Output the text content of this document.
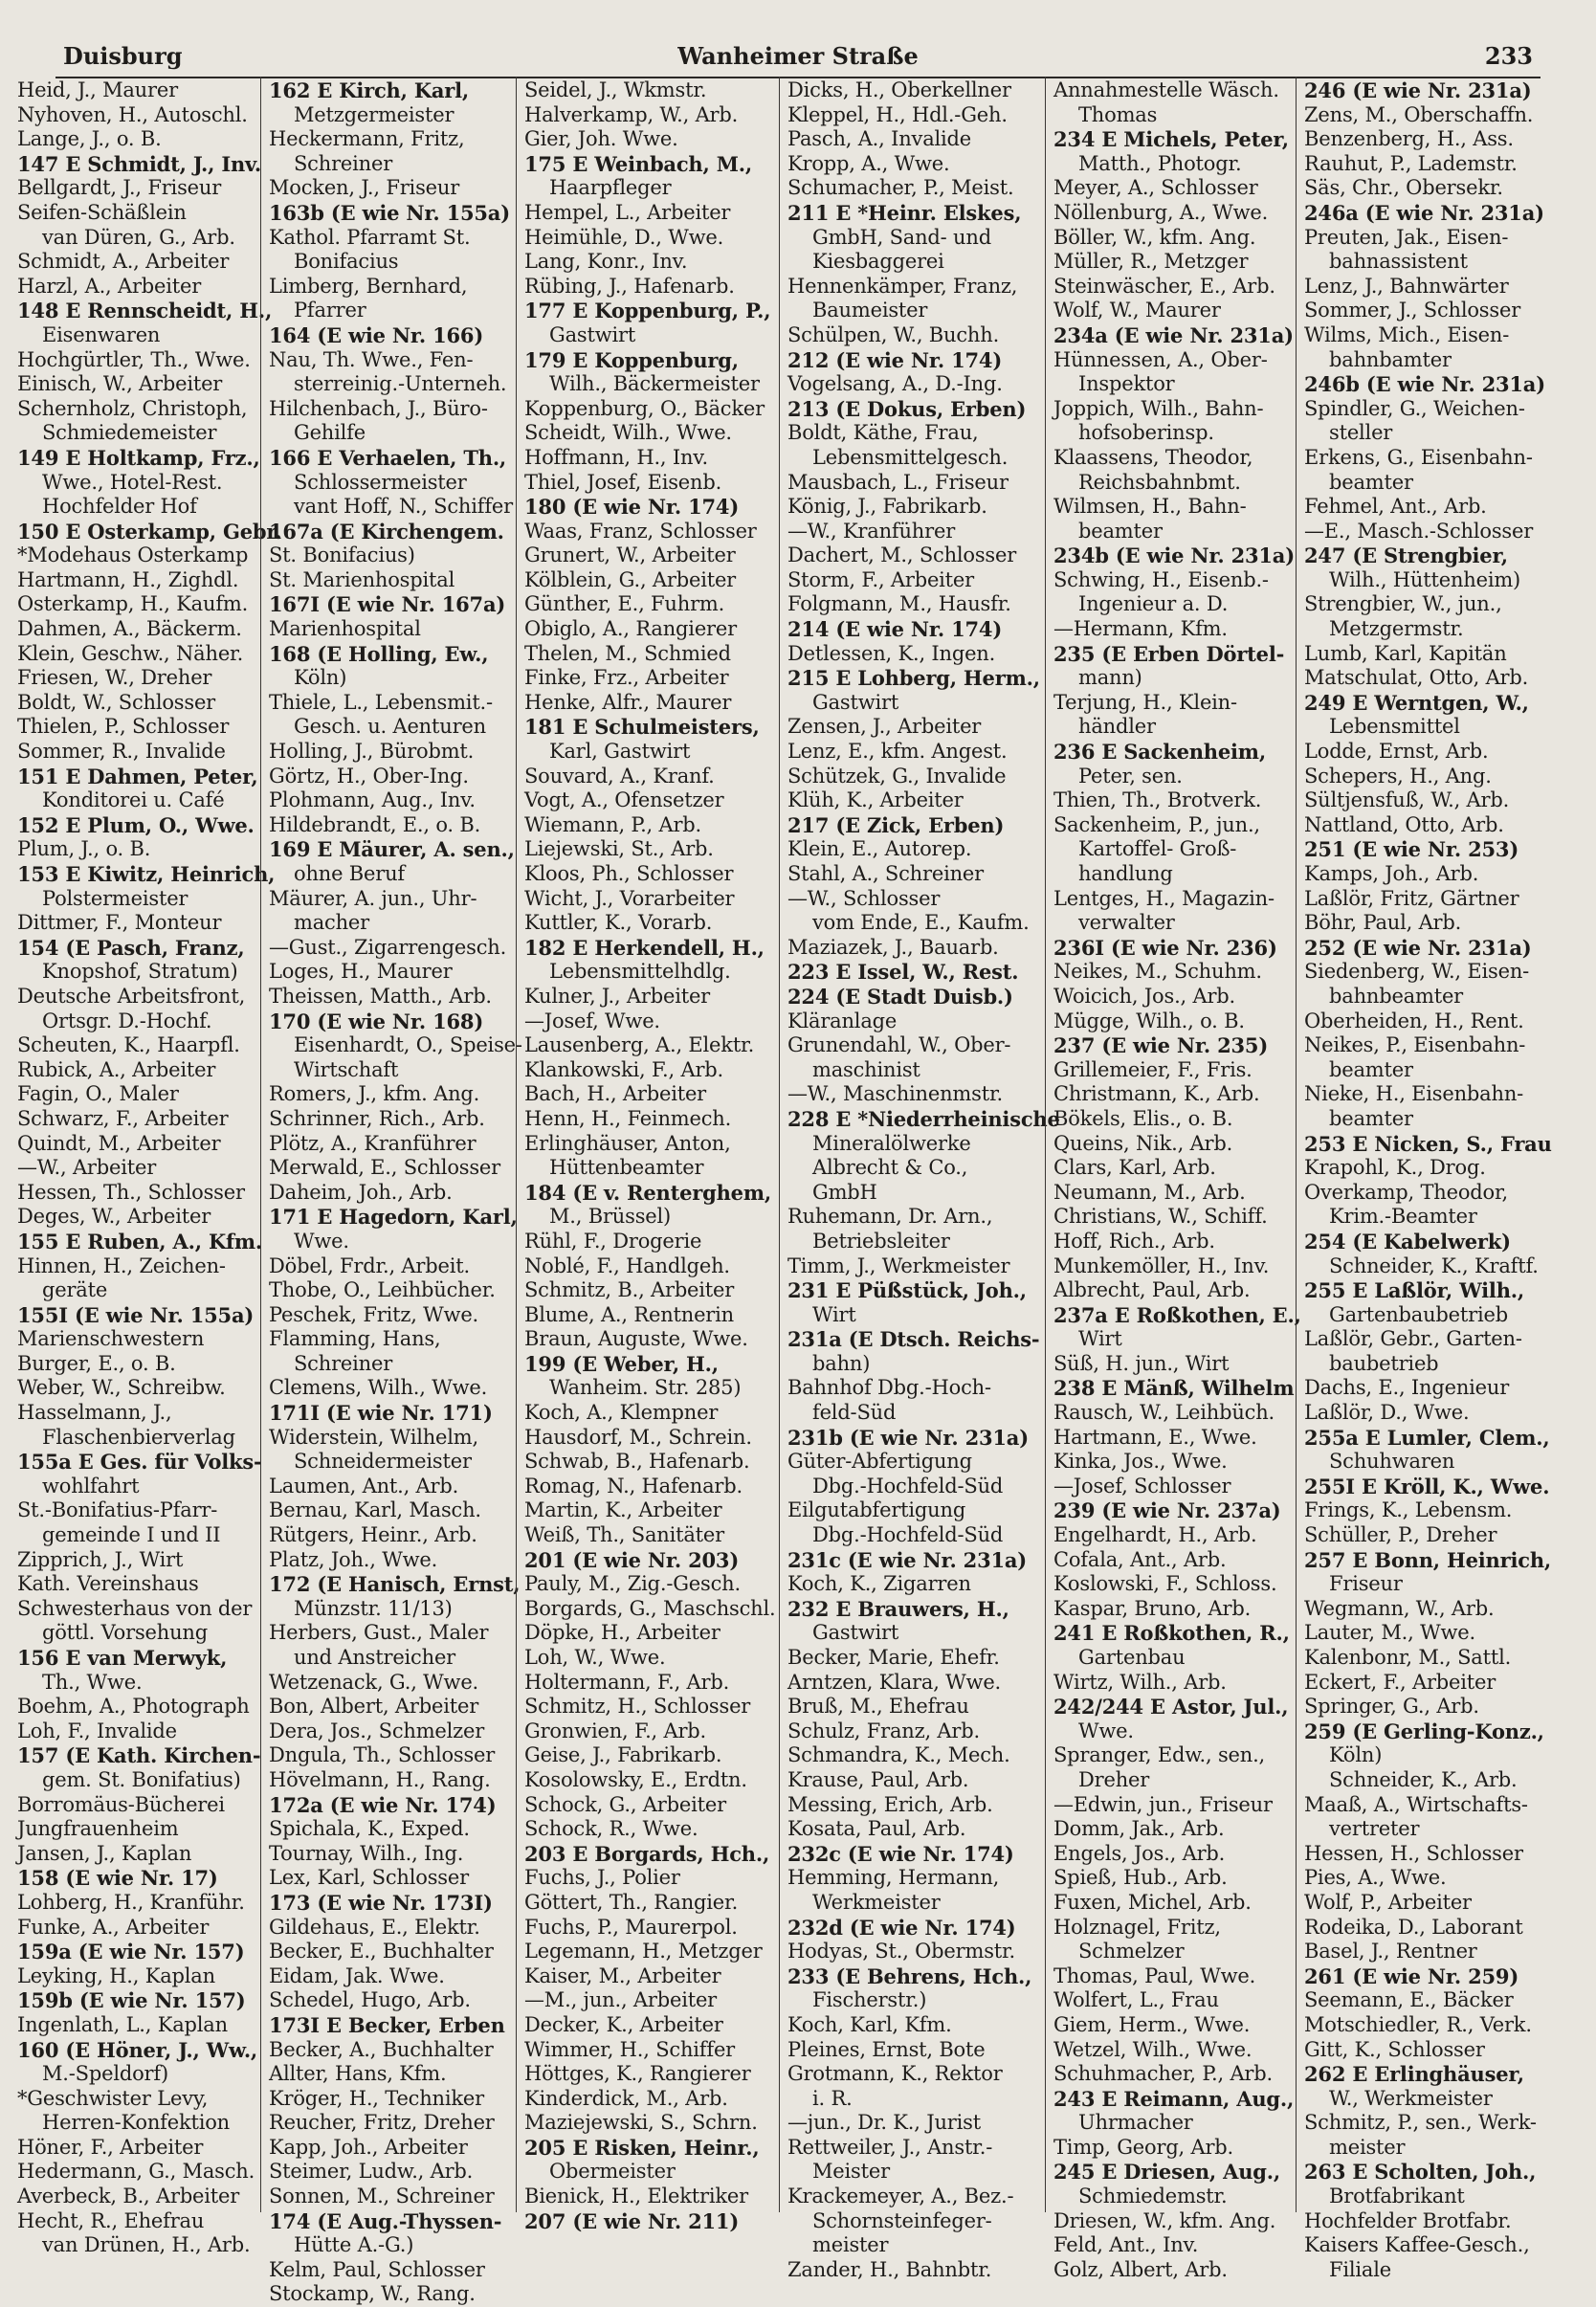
Duisburg	Wanheimer Straße	233
Heid, J., Maurer
Nyhoven, H., Autoschl.
Lange, J., o. B.
147 E Schmidt, J., Inv.
Bellgardt, J., Friseur
Seifen-Schäßlein
van Düren, G., Arb.
Schmidt, A., Arbeiter
Harzl, A., Arbeiter
148 E Rennscheidt, H.,
Eisenwaren
Hochgürtler, Th., Wwe.
Einisch, W., Arbeiter
Schernholz, Christoph,
Schmiedemeister
149 E Holtkamp, Frz.,
Wwe., Hotel-Rest.
Hochfelder Hof
150 E Osterkamp, Gebr.
*Modehaus Osterkamp
Hartmann, H., Zighdl.
Osterkamp, H., Kaufm.
Dahmen, A., Bäckerm.
Klein, Geschw., Näher.
Friesen, W., Dreher
Boldt, W., Schlosser
Thielen, P., Schlosser
Sommer, R., Invalide
151 E Dahmen, Peter,
Konditorei u. Café
152 E Plum, O., Wwe.
Plum, J., o. B.
153 E Kiwitz, Heinrich,
Polstermeister
Dittmer, F., Monteur
154 (E Pasch, Franz,
Knopshof, Stratum)
Deutsche Arbeitsfront,
Ortsgr. D.-Hochf.
Scheuten, K., Haarpfl.
Rubick, A., Arbeiter
Fagin, O., Maler
Schwarz, F., Arbeiter
Quindt, M., Arbeiter
—W., Arbeiter
Hessen, Th., Schlosser
Deges, W., Arbeiter
155 E Ruben, A., Kfm.
Hinnen, H., Zeichen-
geräte
155I (E wie Nr. 155a)
Marienschwestern
Burger, E., o. B.
Weber, W., Schreibw.
Hasselmann, J.,
Flaschenbierverlag
155a E Ges. für Volks-
wohlfahrt
St.-Bonifatius-Pfarr-
gemeinde I und II
Zipprich, J., Wirt
Kath. Vereinshaus
Schwesterhaus von der
göttl. Vorsehung
156 E van Merwyk,
Th., Wwe.
Boehm, A., Photograph
Loh, F., Invalide
157 (E Kath. Kirchen-
gem. St. Bonifatius)
Borromäus-Bücherei
Jungfrauenheim
Jansen, J., Kaplan
158 (E wie Nr. 17)
Lohberg, H., Kranführ.
Funke, A., Arbeiter
159a (E wie Nr. 157)
Leyking, H., Kaplan
159b (E wie Nr. 157)
Ingenlath, L., Kaplan
160 (E Höner, J., Ww.,
M.-Speldorf)
*Geschwister Levy,
Herren-Konfektion
Höner, F., Arbeiter
Hedermann, G., Masch.
Averbeck, B., Arbeiter
Hecht, R., Ehefrau
van Drünen, H., Arb.
162 E Kirch, Karl,
Metzgermeister
Heckermann, Fritz,
Schreiner
Mocken, J., Friseur
163b (E wie Nr. 155a)
Kathol. Pfarramt St.
Bonifacius
Limberg, Bernhard,
Pfarrer
164 (E wie Nr. 166)
Nau, Th. Wwe., Fen-
sterreinig.-Unterneh.
Hilchenbach, J., Büro-
Gehilfe
166 E Verhaelen, Th.,
Schlossermeister
vant Hoff, N., Schiffer
167a (E Kirchengem.
St. Bonifacius)
St. Marienhospital
167I (E wie Nr. 167a)
Marienhospital
168 (E Holling, Ew.,
Köln)
Thiele, L., Lebensmit.-
Gesch. u. Aenturen
Holling, J., Bürobmt.
Görtz, H., Ober-Ing.
Plohmann, Aug., Inv.
Hildebrandt, E., o. B.
169 E Mäurer, A. sen.,
ohne Beruf
Mäurer, A. jun., Uhr-
macher
—Gust., Zigarrengesch.
Loges, H., Maurer
Theissen, Matth., Arb.
170 (E wie Nr. 168)
Eisenhardt, O., Speise-
Wirtschaft
Romers, J., kfm. Ang.
Schrinner, Rich., Arb.
Plötz, A., Kranführer
Merwald, E., Schlosser
Daheim, Joh., Arb.
171 E Hagedorn, Karl,
Wwe.
Döbel, Frdr., Arbeit.
Thobe, O., Leihbücher.
Peschek, Fritz, Wwe.
Flamming, Hans,
Schreiner
Clemens, Wilh., Wwe.
171I (E wie Nr. 171)
Widerstein, Wilhelm,
Schneidermeister
Laumen, Ant., Arb.
Bernau, Karl, Masch.
Rütgers, Heinr., Arb.
Platz, Joh., Wwe.
172 (E Hanisch, Ernst,
Münzstr. 11/13)
Herbers, Gust., Maler
und Anstreicher
Wetzenack, G., Wwe.
Bon, Albert, Arbeiter
Dera, Jos., Schmelzer
Dngula, Th., Schlosser
Hövelmann, H., Rang.
172a (E wie Nr. 174)
Spichala, K., Exped.
Tournay, Wilh., Ing.
Lex, Karl, Schlosser
173 (E wie Nr. 173I)
Gildehaus, E., Elektr.
Becker, E., Buchhalter
Eidam, Jak. Wwe.
Schedel, Hugo, Arb.
173I E Becker, Erben
Becker, A., Buchhalter
Allter, Hans, Kfm.
Kröger, H., Techniker
Reucher, Fritz, Dreher
Kapp, Joh., Arbeiter
Steimer, Ludw., Arb.
Sonnen, M., Schreiner
174 (E Aug.-Thyssen-
Hütte A.-G.)
Kelm, Paul, Schlosser
Stockamp, W., Rang.
Seidel, J., Wkmstr.
Halverkamp, W., Arb.
Gier, Joh. Wwe.
175 E Weinbach, M.,
Haarpfleger
Hempel, L., Arbeiter
Heimühle, D., Wwe.
Lang, Konr., Inv.
Rübing, J., Hafenarb.
177 E Koppenburg, P.,
Gastwirt
179 E Koppenburg,
Wilh., Bäckermeister
Koppenburg, O., Bäcker
Scheidt, Wilh., Wwe.
Hoffmann, H., Inv.
Thiel, Josef, Eisenb.
180 (E wie Nr. 174)
Waas, Franz, Schlosser
Grunert, W., Arbeiter
Kölblein, G., Arbeiter
Günther, E., Fuhrm.
Obiglo, A., Rangierer
Thelen, M., Schmied
Finke, Frz., Arbeiter
Henke, Alfr., Maurer
181 E Schulmeisters,
Karl, Gastwirt
Souvard, A., Kranf.
Vogt, A., Ofensetzer
Wiemann, P., Arb.
Liejewski, St., Arb.
Kloos, Ph., Schlosser
Wicht, J., Vorarbeiter
Kuttler, K., Vorarb.
182 E Herkendell, H.,
Lebensmittelhdlg.
Kulner, J., Arbeiter
—Josef, Wwe.
Lausenberg, A., Elektr.
Klankowski, F., Arb.
Bach, H., Arbeiter
Henn, H., Feinmech.
Erlinghäuser, Anton,
Hüttenbeamter
184 (E v. Renterghem,
M., Brüssel)
Rühl, F., Drogerie
Noblé, F., Handlgeh.
Schmitz, B., Arbeiter
Blume, A., Rentnerin
Braun, Auguste, Wwe.
199 (E Weber, H.,
Wanheim. Str. 285)
Koch, A., Klempner
Hausdorf, M., Schrein.
Schwab, B., Hafenarb.
Romag, N., Hafenarb.
Martin, K., Arbeiter
Weiß, Th., Sanitäter
201 (E wie Nr. 203)
Pauly, M., Zig.-Gesch.
Borgards, G., Maschschl.
Döpke, H., Arbeiter
Loh, W., Wwe.
Holtermann, F., Arb.
Schmitz, H., Schlosser
Gronwien, F., Arb.
Geise, J., Fabrikarb.
Kosolowsky, E., Erdtn.
Schock, G., Arbeiter
Schock, R., Wwe.
203 E Borgards, Hch.,
Fuchs, J., Polier
Göttert, Th., Rangier.
Fuchs, P., Maurerpol.
Legemann, H., Metzger
Kaiser, M., Arbeiter
—M., jun., Arbeiter
Decker, K., Arbeiter
Wimmer, H., Schiffer
Höttges, K., Rangierer
Kinderdick, M., Arb.
Maziejewski, S., Schrn.
205 E Risken, Heinr.,
Obermeister
Bienick, H., Elektriker
207 (E wie Nr. 211)
Dicks, H., Oberkellner
Kleppel, H., Hdl.-Geh.
Pasch, A., Invalide
Kropp, A., Wwe.
Schumacher, P., Meist.
211 E *Heinr. Elskes,
GmbH, Sand- und
Kiesbaggerei
Hennenkämper, Franz,
Baumeister
Schülpen, W., Buchh.
212 (E wie Nr. 174)
Vogelsang, A., D.-Ing.
213 (E Dokus, Erben)
Boldt, Käthe, Frau,
Lebensmittelgesch.
Mausbach, L., Friseur
König, J., Fabrikarb.
—W., Kranführer
Dachert, M., Schlosser
Storm, F., Arbeiter
Folgmann, M., Hausfr.
214 (E wie Nr. 174)
Detlessen, K., Ingen.
215 E Lohberg, Herm.,
Gastwirt
Zensen, J., Arbeiter
Lenz, E., kfm. Angest.
Schützek, G., Invalide
Klüh, K., Arbeiter
217 (E Zick, Erben)
Klein, E., Autorep.
Stahl, A., Schreiner
—W., Schlosser
vom Ende, E., Kaufm.
Maziazek, J., Bauarb.
223 E Issel, W., Rest.
224 (E Stadt Duisb.)
Kläranlage
Grunendahl, W., Ober-
maschinist
—W., Maschinenmstr.
228 E *Niederrheinische
Mineralölwerke
Albrecht & Co.,
GmbH
Ruhemann, Dr. Arn.,
Betriebsleiter
Timm, J., Werkmeister
231 E Püßstück, Joh.,
Wirt
231a (E Dtsch. Reichs-
bahn)
Bahnhof Dbg.-Hoch-
feld-Süd
231b (E wie Nr. 231a)
Güter-Abfertigung
Dbg.-Hochfeld-Süd
Eilgutabfertigung
Dbg.-Hochfeld-Süd
231c (E wie Nr. 231a)
Koch, K., Zigarren
232 E Brauwers, H.,
Gastwirt
Becker, Marie, Ehefr.
Arntzen, Klara, Wwe.
Bruß, M., Ehefrau
Schulz, Franz, Arb.
Schmandra, K., Mech.
Krause, Paul, Arb.
Messing, Erich, Arb.
Kosata, Paul, Arb.
232c (E wie Nr. 174)
Hemming, Hermann,
Werkmeister
232d (E wie Nr. 174)
Hodyas, St., Obermstr.
233 (E Behrens, Hch.,
Fischerstr.)
Koch, Karl, Kfm.
Pleines, Ernst, Bote
Grotmann, K., Rektor
i. R.
—jun., Dr. K., Jurist
Rettweiler, J., Anstr.-
Meister
Krackemeyer, A., Bez.-
Schornsteinfeger-
meister
Zander, H., Bahnbtr.
Annahmestelle Wäsch.
Thomas
234 E Michels, Peter,
Matth., Photogr.
Meyer, A., Schlosser
Nöllenburg, A., Wwe.
Böller, W., kfm. Ang.
Müller, R., Metzger
Steinwäscher, E., Arb.
Wolf, W., Maurer
234a (E wie Nr. 231a)
Hünnessen, A., Ober-
Inspektor
Joppich, Wilh., Bahn-
hofsoberinsp.
Klaassens, Theodor,
Reichsbahnbmt.
Wilmsen, H., Bahn-
beamter
234b (E wie Nr. 231a)
Schwing, H., Eisenb.-
Ingenieur a. D.
—Hermann, Kfm.
235 (E Erben Dörtel-
mann)
Terjung, H., Klein-
händler
236 E Sackenheim,
Peter, sen.
Thien, Th., Brotverk.
Sackenheim, P., jun.,
Kartoffel- Groß-
handlung
Lentges, H., Magazin-
verwalter
236I (E wie Nr. 236)
Neikes, M., Schuhm.
Woicich, Jos., Arb.
Mügge, Wilh., o. B.
237 (E wie Nr. 235)
Grillemeier, F., Fris.
Christmann, K., Arb.
Bökels, Elis., o. B.
Queins, Nik., Arb.
Clars, Karl, Arb.
Neumann, M., Arb.
Christians, W., Schiff.
Hoff, Rich., Arb.
Munkemöller, H., Inv.
Albrecht, Paul, Arb.
237a E Roßkothen, E.,
Wirt
Süß, H. jun., Wirt
238 E Mänß, Wilhelm
Rausch, W., Leihbüch.
Hartmann, E., Wwe.
Kinka, Jos., Wwe.
—Josef, Schlosser
239 (E wie Nr. 237a)
Engelhardt, H., Arb.
Cofala, Ant., Arb.
Koslowski, F., Schloss.
Kaspar, Bruno, Arb.
241 E Roßkothen, R.,
Gartenbau
Wirtz, Wilh., Arb.
242/244 E Astor, Jul.,
Wwe.
Spranger, Edw., sen.,
Dreher
—Edwin, jun., Friseur
Domm, Jak., Arb.
Engels, Jos., Arb.
Spieß, Hub., Arb.
Fuxen, Michel, Arb.
Holznagel, Fritz,
Schmelzer
Thomas, Paul, Wwe.
Wolfert, L., Frau
Giem, Herm., Wwe.
Wetzel, Wilh., Wwe.
Schuhmacher, P., Arb.
243 E Reimann, Aug.,
Uhrmacher
Timp, Georg, Arb.
245 E Driesen, Aug.,
Schmiedemstr.
Driesen, W., kfm. Ang.
Feld, Ant., Inv.
Golz, Albert, Arb.
246 (E wie Nr. 231a)
Zens, M., Oberschaffn.
Benzenberg, H., Ass.
Rauhut, P., Lademstr.
Säs, Chr., Obersekr.
246a (E wie Nr. 231a)
Preuten, Jak., Eisen-
bahnassistent
Lenz, J., Bahnwärter
Sommer, J., Schlosser
Wilms, Mich., Eisen-
bahnbamter
246b (E wie Nr. 231a)
Spindler, G., Weichen-
steller
Erkens, G., Eisenbahn-
beamter
Fehmel, Ant., Arb.
—E., Masch.-Schlosser
247 (E Strengbier,
Wilh., Hüttenheim)
Strengbier, W., jun.,
Metzgermstr.
Lumb, Karl, Kapitän
Matschulat, Otto, Arb.
249 E Werntgen, W.,
Lebensmittel
Lodde, Ernst, Arb.
Schepers, H., Ang.
Sültjensfuß, W., Arb.
Nattland, Otto, Arb.
251 (E wie Nr. 253)
Kamps, Joh., Arb.
Laßlör, Fritz, Gärtner
Böhr, Paul, Arb.
252 (E wie Nr. 231a)
Siedenberg, W., Eisen-
bahnbeamter
Oberheiden, H., Rent.
Neikes, P., Eisenbahn-
beamter
Nieke, H., Eisenbahn-
beamter
253 E Nicken, S., Frau
Krapohl, K., Drog.
Overkamp, Theodor,
Krim.-Beamter
254 (E Kabelwerk)
Schneider, K., Kraftf.
255 E Laßlör, Wilh.,
Gartenbaubetrieb
Laßlör, Gebr., Garten-
baubetrieb
Dachs, E., Ingenieur
Laßlör, D., Wwe.
255a E Lumler, Clem.,
Schuhwaren
255I E Kröll, K., Wwe.
Frings, K., Lebensm.
Schüller, P., Dreher
257 E Bonn, Heinrich,
Friseur
Wegmann, W., Arb.
Lauter, M., Wwe.
Kalenbonr, M., Sattl.
Eckert, F., Arbeiter
Springer, G., Arb.
259 (E Gerling-Konz.,
Köln)
Schneider, K., Arb.
Maaß, A., Wirtschafts-
vertreter
Hessen, H., Schlosser
Pies, A., Wwe.
Wolf, P., Arbeiter
Rodeika, D., Laborant
Basel, J., Rentner
261 (E wie Nr. 259)
Seemann, E., Bäcker
Motschiedler, R., Verk.
Gitt, K., Schlosser
262 E Erlinghäuser,
W., Werkmeister
Schmitz, P., sen., Werk-
meister
263 E Scholten, Joh.,
Brotfabrikant
Hochfelder Brotfabr.
Kaisers Kaffee-Gesch.,
Filiale
